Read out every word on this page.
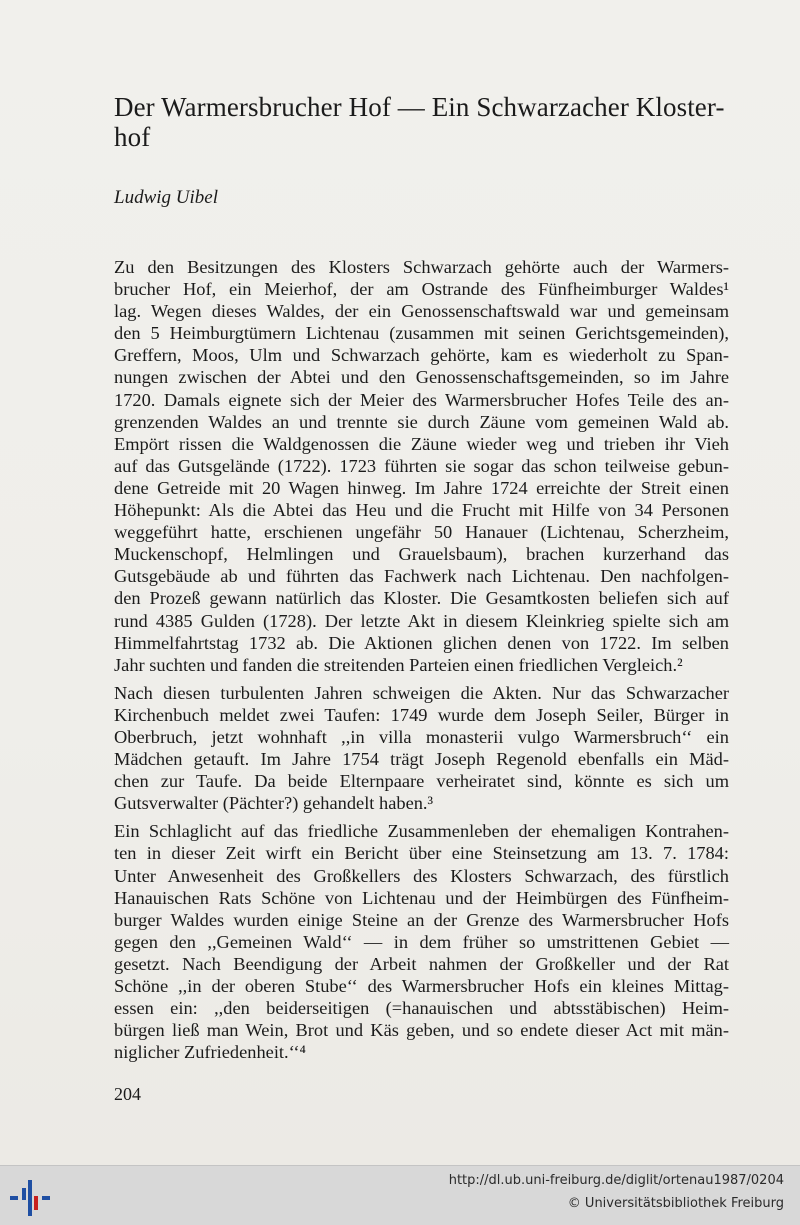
Der Warmersbrucher Hof — Ein Schwarzacher Kloster-
hof

Ludwig Uibel

Zu den Besitzungen des Klosters Schwarzach gehörte auch der Warmers-
brucher Hof, ein Meierhof, der am Ostrande des Fünfheimburger Waldes¹
lag. Wegen dieses Waldes, der ein Genossenschaftswald war und gemeinsam
den 5 Heimburgtümern Lichtenau (zusammen mit seinen Gerichtsgemeinden),
Greffern, Moos, Ulm und Schwarzach gehörte, kam es wiederholt zu Span-
nungen zwischen der Abtei und den Genossenschaftsgemeinden, so im Jahre
1720. Damals eignete sich der Meier des Warmersbrucher Hofes Teile des an-
grenzenden Waldes an und trennte sie durch Zäune vom gemeinen Wald ab.
Empört rissen die Waldgenossen die Zäune wieder weg und trieben ihr Vieh
auf das Gutsgelände (1722). 1723 führten sie sogar das schon teilweise gebun-
dene Getreide mit 20 Wagen hinweg. Im Jahre 1724 erreichte der Streit einen
Höhepunkt: Als die Abtei das Heu und die Frucht mit Hilfe von 34 Personen
weggeführt hatte, erschienen ungefähr 50 Hanauer (Lichtenau, Scherzheim,
Muckenschopf, Helmlingen und Grauelsbaum), brachen kurzerhand das
Gutsgebäude ab und führten das Fachwerk nach Lichtenau. Den nachfolgen-
den Prozeß gewann natürlich das Kloster. Die Gesamtkosten beliefen sich auf
rund 4385 Gulden (1728). Der letzte Akt in diesem Kleinkrieg spielte sich am
Himmelfahrtstag 1732 ab. Die Aktionen glichen denen von 1722. Im selben
Jahr suchten und fanden die streitenden Parteien einen friedlichen Vergleich.²
Nach diesen turbulenten Jahren schweigen die Akten. Nur das Schwarzacher
Kirchenbuch meldet zwei Taufen: 1749 wurde dem Joseph Seiler, Bürger in
Oberbruch, jetzt wohnhaft ,,in villa monasterii vulgo Warmersbruch‘‘ ein
Mädchen getauft. Im Jahre 1754 trägt Joseph Regenold ebenfalls ein Mäd-
chen zur Taufe. Da beide Elternpaare verheiratet sind, könnte es sich um
Gutsverwalter (Pächter?) gehandelt haben.³
Ein Schlaglicht auf das friedliche Zusammenleben der ehemaligen Kontrahen-
ten in dieser Zeit wirft ein Bericht über eine Steinsetzung am 13. 7. 1784:
Unter Anwesenheit des Großkellers des Klosters Schwarzach, des fürstlich
Hanauischen Rats Schöne von Lichtenau und der Heimbürgen des Fünfheim-
burger Waldes wurden einige Steine an der Grenze des Warmersbrucher Hofs
gegen den ,,Gemeinen Wald‘‘ — in dem früher so umstrittenen Gebiet —
gesetzt. Nach Beendigung der Arbeit nahmen der Großkeller und der Rat
Schöne ,,in der oberen Stube‘‘ des Warmersbrucher Hofs ein kleines Mittag-
essen ein: ,,den beiderseitigen (=hanauischen und abtsstäbischen) Heim-
bürgen ließ man Wein, Brot und Käs geben, und so endete dieser Act mit män-
niglicher Zufriedenheit.‘‘⁴

204

http://dl.ub.uni-freiburg.de/diglit/ortenau1987/0204
© Universitätsbibliothek Freiburg
